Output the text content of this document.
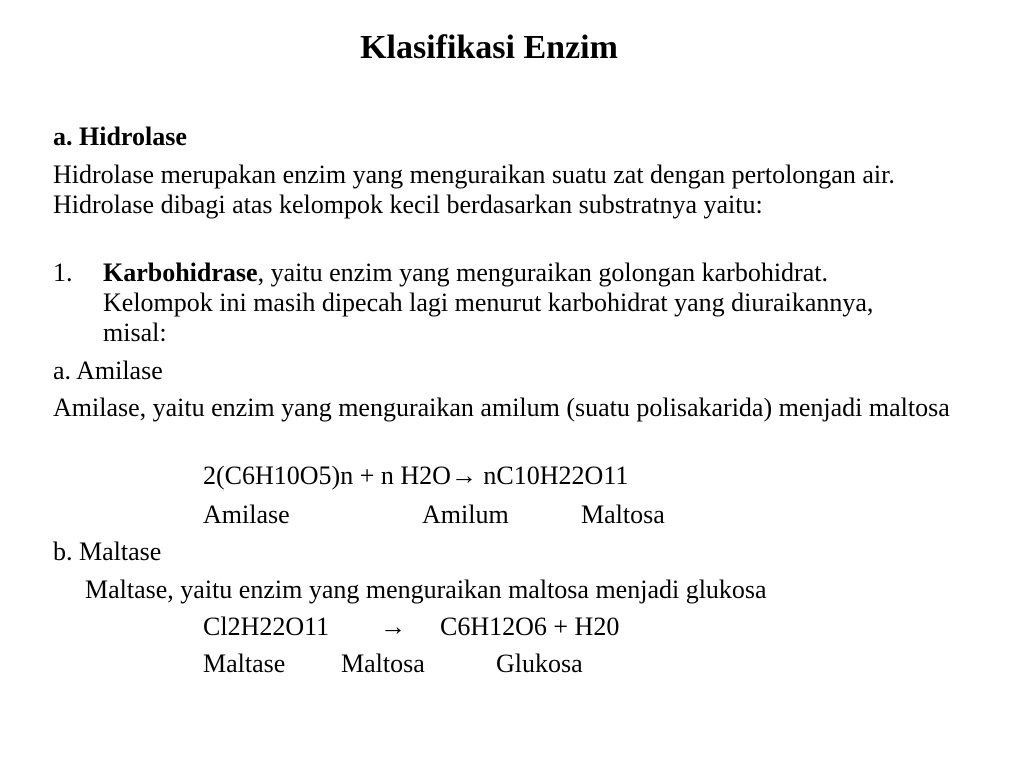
Klasifikasi Enzim
a. Hidrolase
Hidrolase merupakan enzim yang menguraikan suatu zat dengan pertolongan air. Hidrolase dibagi atas kelompok kecil berdasarkan substratnya yaitu:
1. Karbohidrase, yaitu enzim yang menguraikan golongan karbohidrat.
Kelompok ini masih dipecah lagi menurut karbohidrat yang diuraikannya, misal:
a. Amilase
Amilase, yaitu enzim yang menguraikan amilum (suatu polisakarida) menjadi maltosa
2(C6H10O5)n + n H2O→ nC10H22O11
Amilase	Amilum	Maltosa
b. Maltase
Maltase, yaitu enzim yang menguraikan maltosa menjadi glukosa
Cl2H22O11 → C6H12O6 + H20
Maltase Maltosa	Glukosa
